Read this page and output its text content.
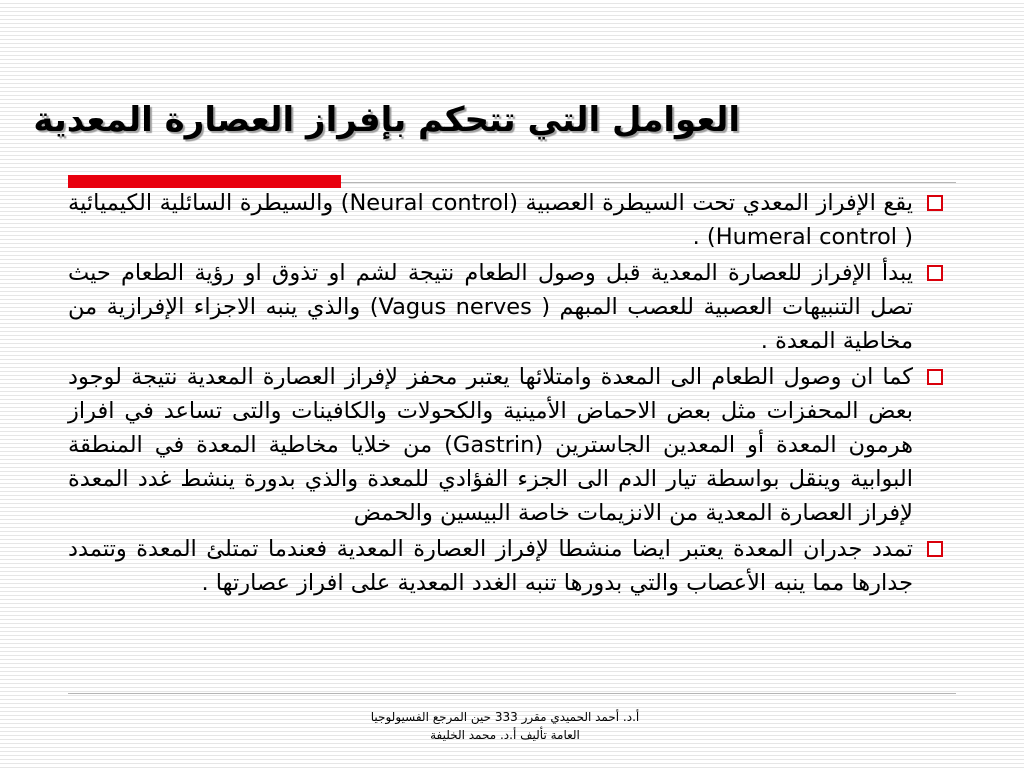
العوامل التي تتحكم بإفراز العصارة المعدية
يقع الإفراز المعدي تحت السيطرة العصبية (Neural control) والسيطرة السائلية الكيميائية ( Humeral control) .
يبدأ الإفراز للعصارة المعدية قبل وصول الطعام نتيجة لشم او تذوق او رؤية الطعام حيث تصل التنبيهات العصبية للعصب المبهم ( Vagus nerves) والذي ينبه الاجزاء الإفرازية من مخاطية المعدة .
كما ان وصول الطعام الى المعدة وامتلائها يعتبر محفز لإفراز العصارة المعدية نتيجة لوجود بعض المحفزات مثل بعض الاحماض الأمينية والكحولات والكافينات والتى تساعد في افراز هرمون المعدة أو المعدين الجاسترين (Gastrin) من خلايا مخاطية المعدة في المنطقة البوابية وينقل بواسطة تيار الدم الى الجزء الفؤادي للمعدة والذي بدورة ينشط غدد المعدة لإفراز العصارة المعدية من الانزيمات خاصة البيسين والحمض
تمدد جدران المعدة يعتبر ايضا منشطا لإفراز العصارة المعدية فعندما تمتلئ المعدة وتتمدد جدارها مما ينبه الأعصاب والتي بدورها تنبه الغدد المعدية على افراز عصارتها .
أ.د. أحمد الحميدي مقرر 333 حين المرجع الفسيولوجيا
العامة تأليف أ.د. محمد الخليفة
